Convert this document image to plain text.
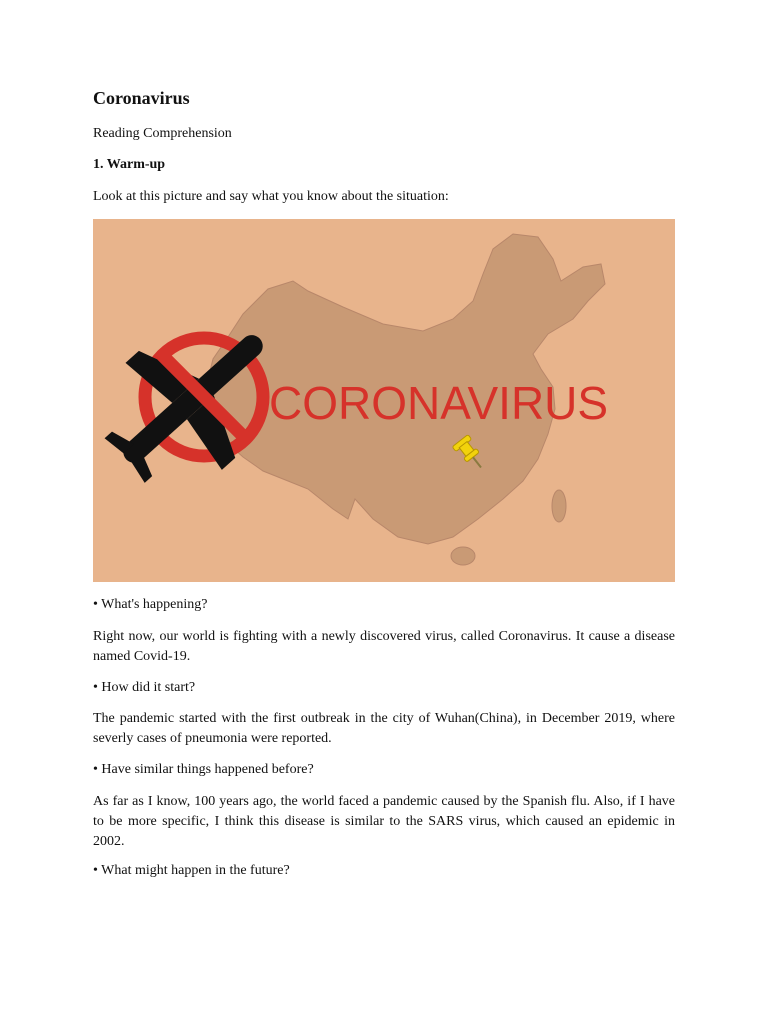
Coronavirus

Reading Comprehension

1. Warm-up

Look at this picture and say what you know about the situation:

CORONAVIRUS

• What's happening?

Right now, our world is fighting with a newly discovered virus, called Coronavirus. It cause a disease named Covid-19.

• How did it start?

The pandemic started with the first outbreak in the city of Wuhan(China), in December 2019, where severly cases of pneumonia were reported.

• Have similar things happened before?

As far as I know, 100 years ago, the world faced a pandemic caused by the Spanish flu. Also, if I have to be more specific, I think this disease is similar to the SARS virus, which caused an epidemic in 2002.

• What might happen in the future?
